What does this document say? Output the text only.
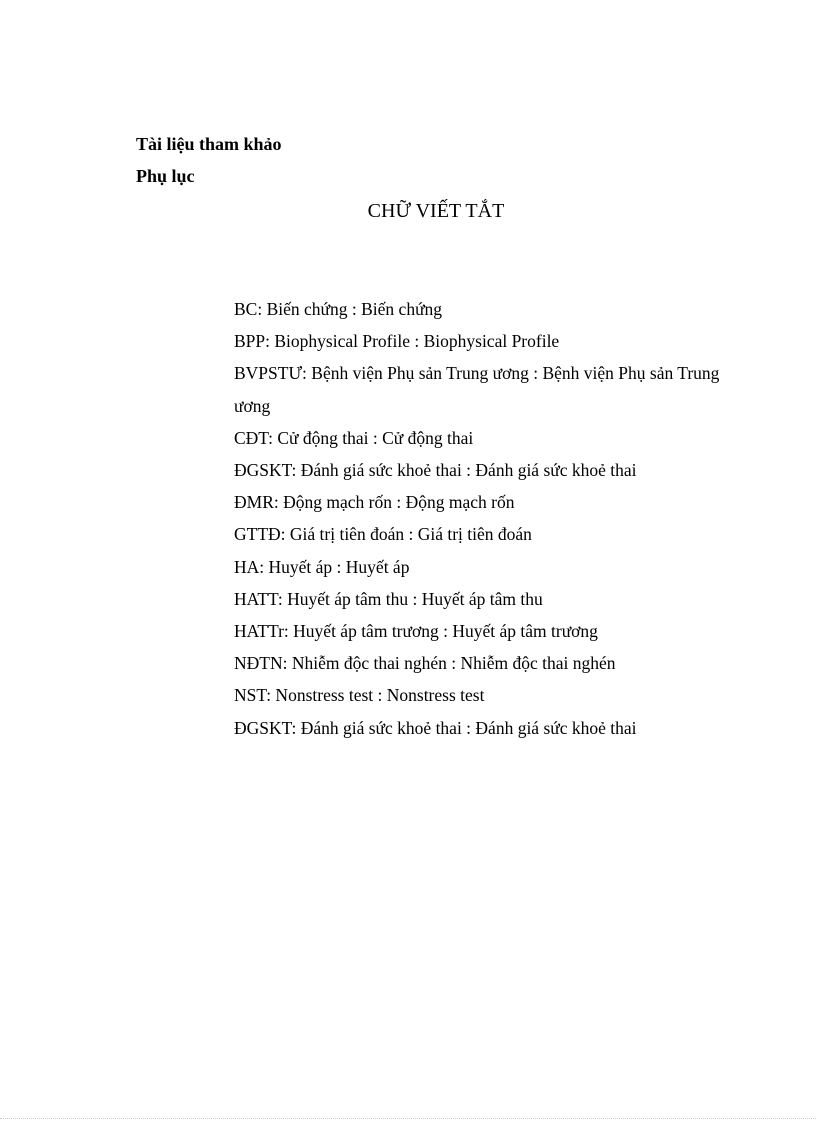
Tài liệu tham khảo
Phụ lục
CHỮ VIẾT TẮT
BC: Biến chứng : Biến chứng
BPP: Biophysical Profile : Biophysical Profile
BVPSTƯ: Bệnh viện Phụ sản Trung ương : Bệnh viện Phụ sản Trung ương
CĐT: Cử động thai : Cử động thai
ĐGSKT: Đánh giá sức khoẻ thai : Đánh giá sức khoẻ thai
ĐMR: Động mạch rốn : Động mạch rốn
GTTĐ: Giá trị tiên đoán : Giá trị tiên đoán
HA: Huyết áp : Huyết áp
HATT: Huyết áp tâm thu : Huyết áp tâm thu
HATTr: Huyết áp tâm trương : Huyết áp tâm trương
NĐTN: Nhiễm độc thai nghén : Nhiễm độc thai nghén
NST: Nonstress test : Nonstress test
ĐGSKT: Đánh giá sức khoẻ thai : Đánh giá sức khoẻ thai
